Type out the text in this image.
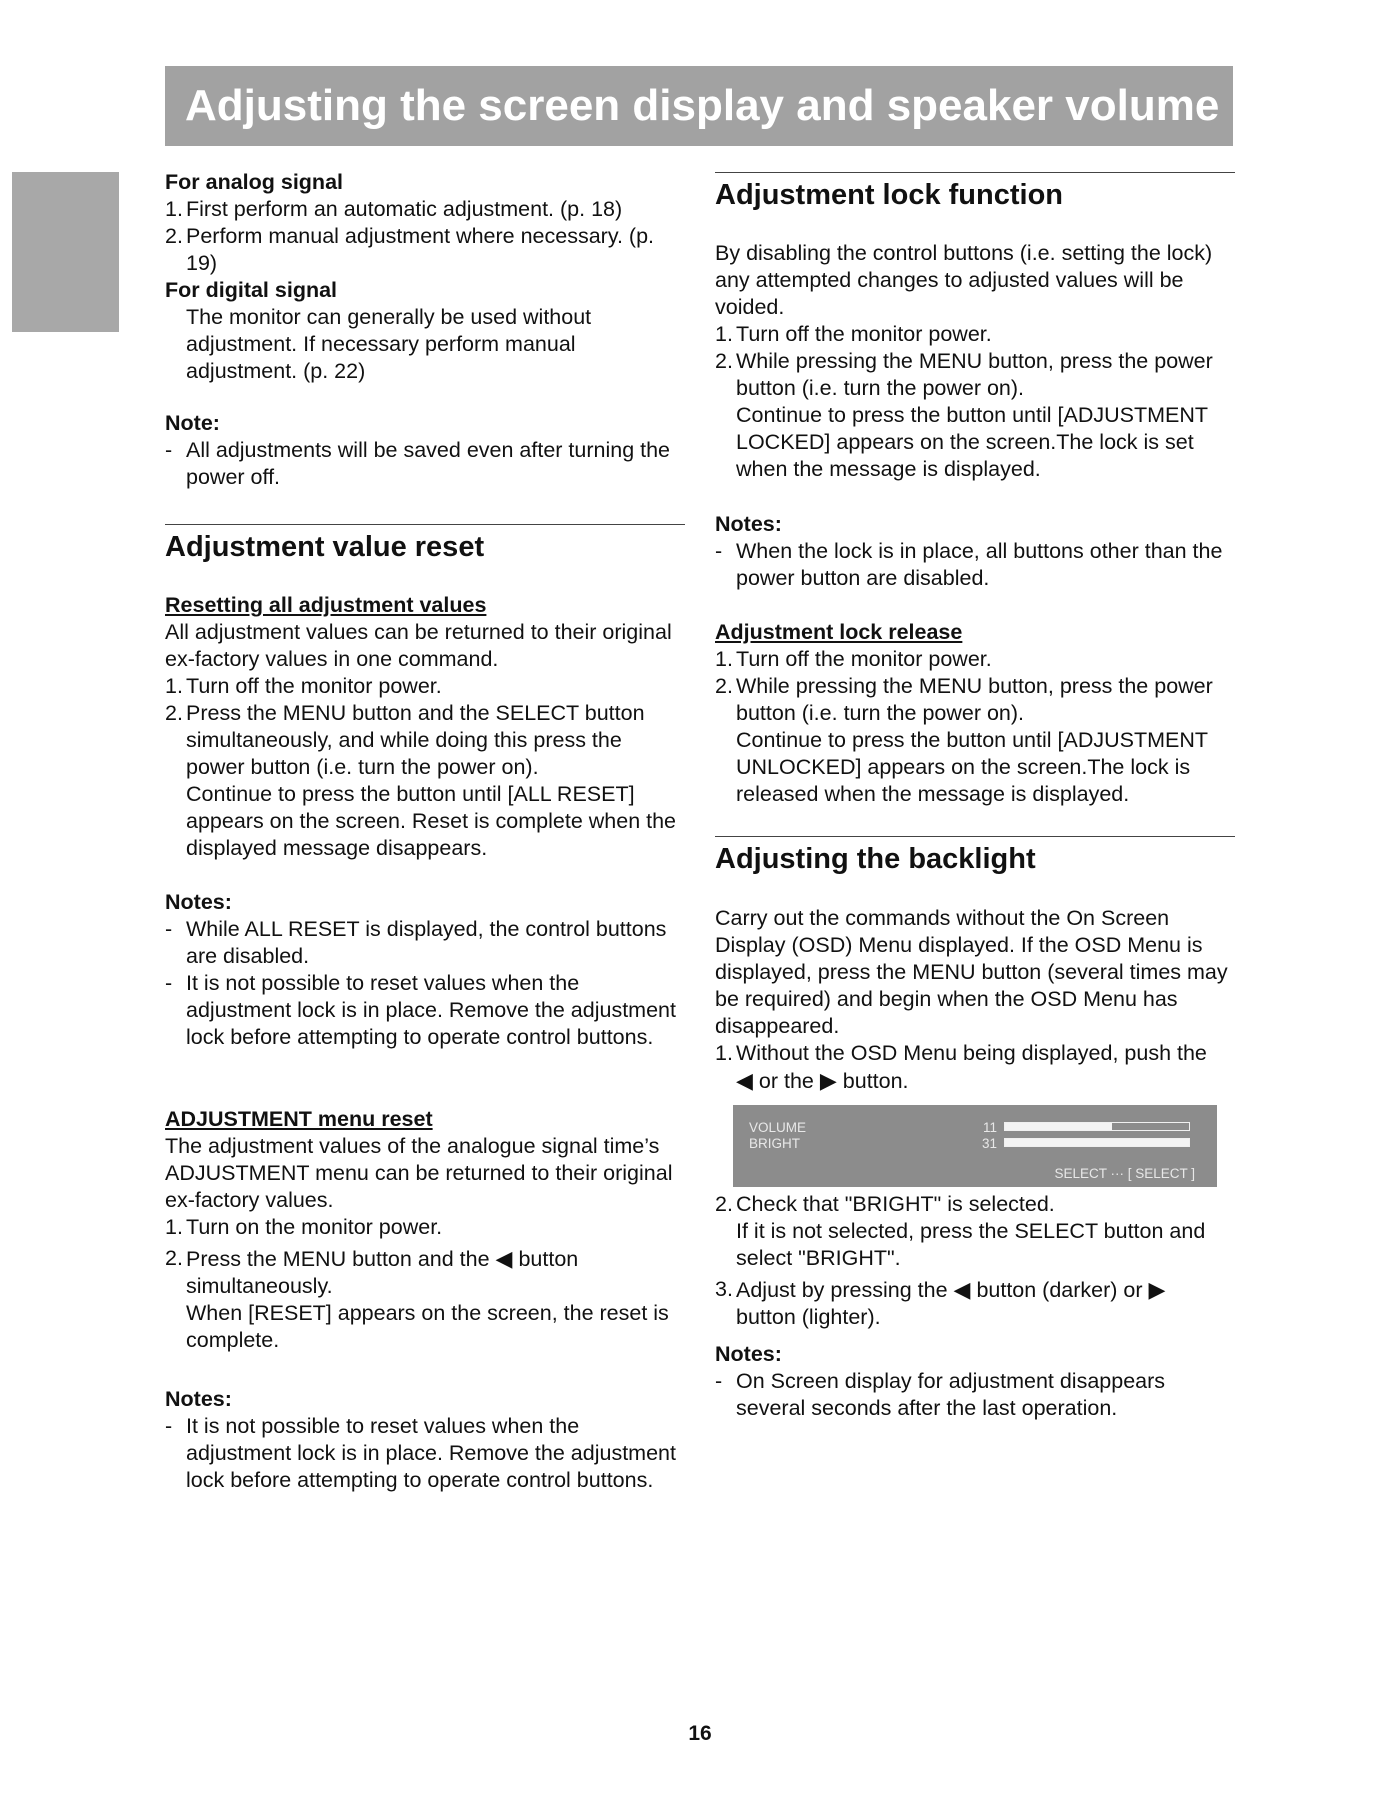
Adjusting the screen display and speaker volume
For analog signal
1. First perform an automatic adjustment. (p. 18)
2. Perform manual adjustment where necessary. (p. 19)
For digital signal
The monitor can generally be used without adjustment. If necessary perform manual adjustment. (p. 22)
Note:
- All adjustments will be saved even after turning the power off.
Adjustment value reset
Resetting all adjustment values
All adjustment values can be returned to their original ex-factory values in one command.
1. Turn off the monitor power.
2. Press the MENU button and the SELECT button simultaneously, and while doing this press the power button (i.e. turn the power on).
Continue to press the button until [ALL RESET] appears on the screen. Reset is complete when the displayed message disappears.
Notes:
- While ALL RESET is displayed, the control buttons are disabled.
- It is not possible to reset values when the adjustment lock is in place. Remove the adjustment lock before attempting to operate control buttons.
ADJUSTMENT menu reset
The adjustment values of the analogue signal time’s ADJUSTMENT menu can be returned to their original ex-factory values.
1. Turn on the monitor power.
2. Press the MENU button and the ◀ button simultaneously.
When [RESET] appears on the screen, the reset is complete.
Notes:
- It is not possible to reset values when the adjustment lock is in place. Remove the adjustment lock before attempting to operate control buttons.
Adjustment lock function
By disabling the control buttons (i.e. setting the lock) any attempted changes to adjusted values will be voided.
1. Turn off the monitor power.
2. While pressing the MENU button, press the power button (i.e. turn the power on).
Continue to press the button until [ADJUSTMENT LOCKED] appears on the screen.The lock is set when the message is displayed.
Notes:
- When the lock is in place, all buttons other than the power button are disabled.
Adjustment lock release
1. Turn off the monitor power.
2. While pressing the MENU button, press the power button (i.e. turn the power on).
Continue to press the button until [ADJUSTMENT UNLOCKED] appears on the screen.The lock is released when the message is displayed.
Adjusting the backlight
Carry out the commands without the On Screen Display (OSD) Menu displayed. If the OSD Menu is displayed, press the MENU button (several times may be required) and begin when the OSD Menu has disappeared.
1. Without the OSD Menu being displayed, push the
◀ or the ▶ button.
VOLUME	11
BRIGHT	31
SELECT ··· [ SELECT ]
2. Check that "BRIGHT" is selected.
If it is not selected, press the SELECT button and select "BRIGHT".
3. Adjust by pressing the ◀ button (darker) or ▶
button (lighter).
Notes:
- On Screen display for adjustment disappears several seconds after the last operation.
16
